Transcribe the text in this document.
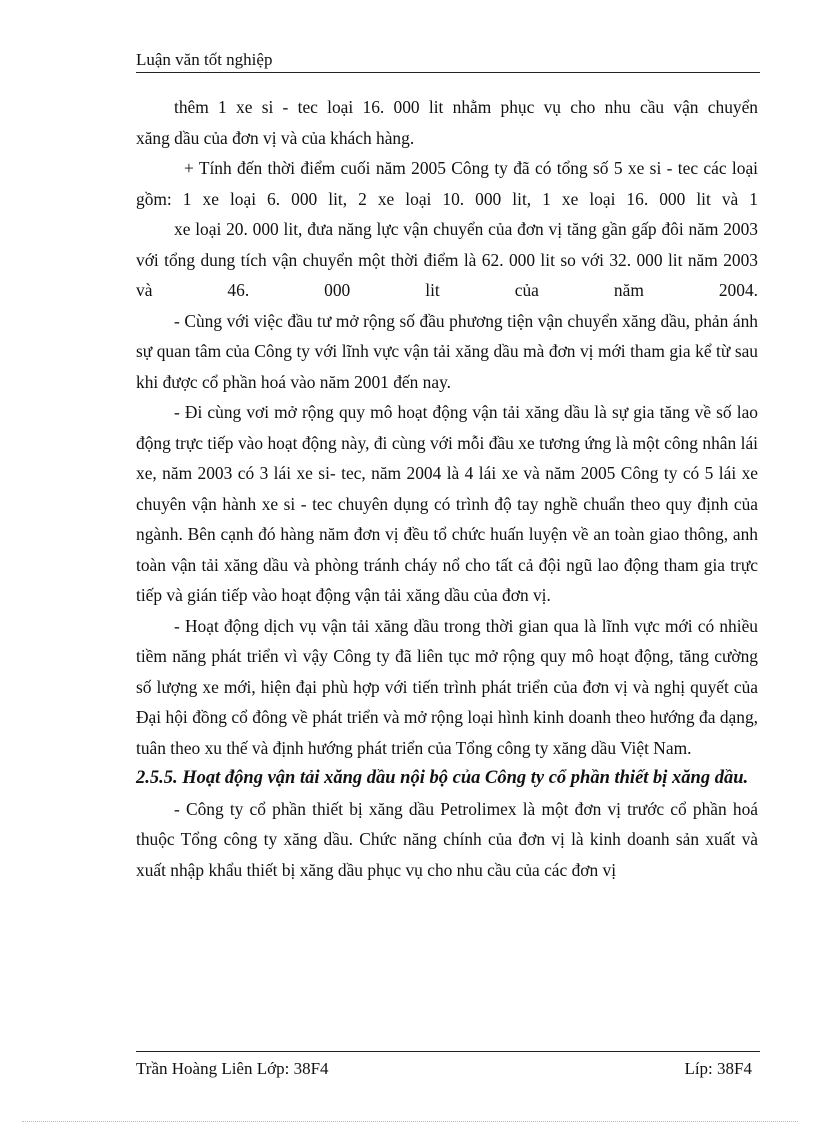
Luận văn tốt nghiệp

thêm 1 xe si - tec loại 16. 000 lit nhằm phục vụ cho nhu cầu vận chuyển

xăng dầu của đơn vị và của khách hàng.

+ Tính đến thời điểm cuối năm 2005 Công ty đã có tổng số 5 xe si - tec các loại gồm: 1 xe loại 6. 000 lit, 2 xe loại 10. 000 lit, 1 xe loại 16. 000 lit và 1

xe loại 20. 000 lit, đưa năng lực vận chuyển của đơn vị tăng gần gấp đôi năm 2003 với tổng dung tích vận chuyển một thời điểm là 62. 000 lit so với 32. 000 lit năm 2003 và 46. 000 lit của năm 2004.

- Cùng với việc đầu tư mở rộng số đầu phương tiện vận chuyển xăng dầu, phản ánh sự quan tâm của Công ty với lĩnh vực vận tải xăng dầu mà đơn vị mới tham gia kể từ sau khi được cổ phần hoá vào năm 2001 đến nay.

- Đi cùng vơi mở rộng quy mô hoạt động vận tải xăng dầu là sự gia tăng về số lao động trực tiếp vào hoạt động này, đi cùng với mỗi đầu xe tương ứng là một công nhân lái xe, năm 2003 có 3 lái xe si- tec, năm 2004 là 4 lái xe và năm 2005 Công ty có 5 lái xe chuyên vận hành xe si - tec chuyên dụng có trình độ tay nghề chuẩn theo quy định của ngành. Bên cạnh đó hàng năm đơn vị đều tổ chức huấn luyện về an toàn giao thông, anh toàn vận tải xăng dầu và phòng tránh cháy nổ cho tất cả đội ngũ lao động tham gia trực tiếp và gián tiếp vào hoạt động vận tải xăng dầu của đơn vị.

- Hoạt động dịch vụ vận tải xăng dầu trong thời gian qua là lĩnh vực mới có nhiều tiềm năng phát triển vì vậy Công ty đã liên tục mở rộng quy mô hoạt động, tăng cường số lượng xe mới, hiện đại phù hợp với tiến trình phát triển của đơn vị và nghị quyết của Đại hội đồng cổ đông về phát triển và mở rộng loại hình kinh doanh theo hướng đa dạng, tuân theo xu thế và định hướng phát triển của Tổng công ty xăng dầu Việt Nam.

2.5.5. Hoạt động vận tải xăng dầu nội bộ của Công ty cổ phần thiết bị xăng dầu.

- Công ty cổ phần thiết bị xăng dầu Petrolimex là một đơn vị trước cổ phần hoá thuộc Tổng công ty xăng dầu. Chức năng chính của đơn vị là kinh doanh sản xuất và xuất nhập khẩu thiết bị xăng dầu phục vụ cho nhu cầu của các đơn vị

Trần Hoàng Liên Lớp: 38F4	Líp: 38F4
